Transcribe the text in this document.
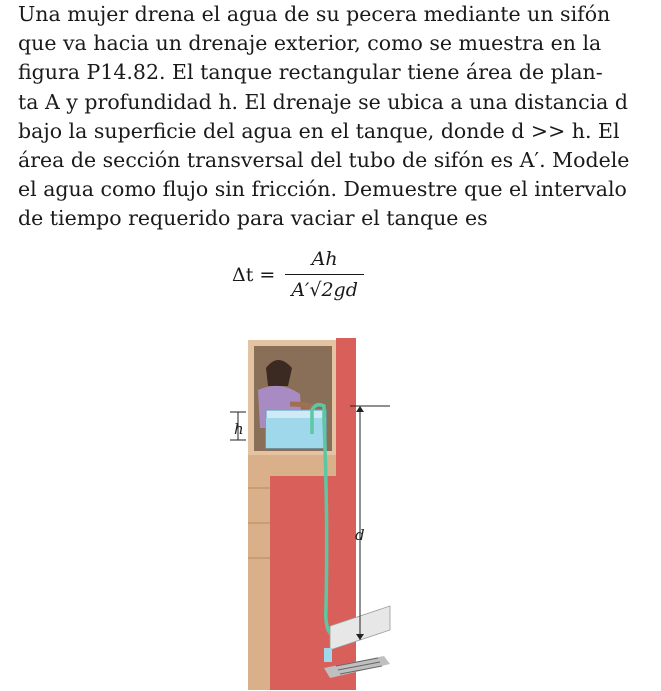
Una mujer drena el agua de su pecera mediante un sifón
que va hacia un drenaje exterior, como se muestra en la
figura P14.82. El tanque rectangular tiene área de plan-
ta A y profundidad h. El drenaje se ubica a una distancia d
bajo la superficie del agua en el tanque, donde d >> h. El
área de sección transversal del tubo de sifón es A′. Modele
el agua como flujo sin fricción. Demuestre que el intervalo
de tiempo requerido para vaciar el tanque es
$\Delta t = \frac{Ah}{A'√2gd}$
h
d
